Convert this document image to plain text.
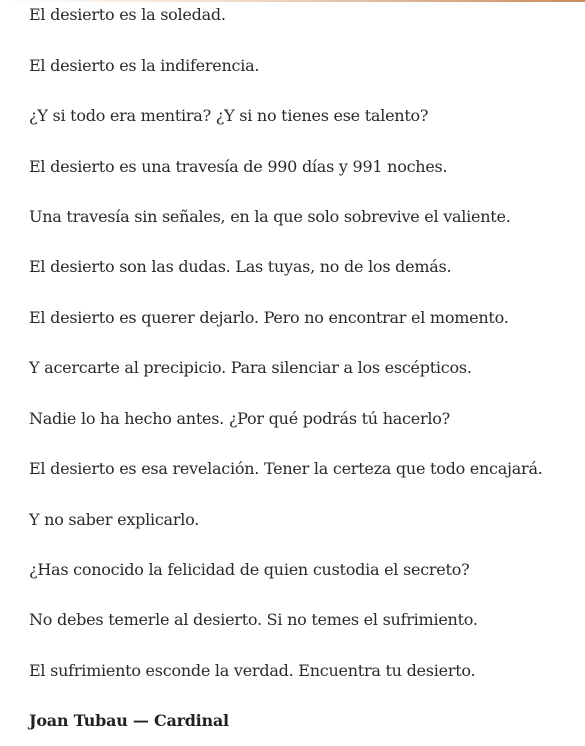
El desierto es la soledad.
El desierto es la indiferencia.
¿Y si todo era mentira? ¿Y si no tienes ese talento?
El desierto es una travesía de 990 días y 991 noches.
Una travesía sin señales, en la que solo sobrevive el valiente.
El desierto son las dudas. Las tuyas, no de los demás.
El desierto es querer dejarlo. Pero no encontrar el momento.
Y acercarte al precipicio. Para silenciar a los escépticos.
Nadie lo ha hecho antes. ¿Por qué podrás tú hacerlo?
El desierto es esa revelación. Tener la certeza que todo encajará.
Y no saber explicarlo.
¿Has conocido la felicidad de quien custodia el secreto?
No debes temerle al desierto. Si no temes el sufrimiento.
El sufrimiento esconde la verdad. Encuentra tu desierto.
Joan Tubau — Cardinal
